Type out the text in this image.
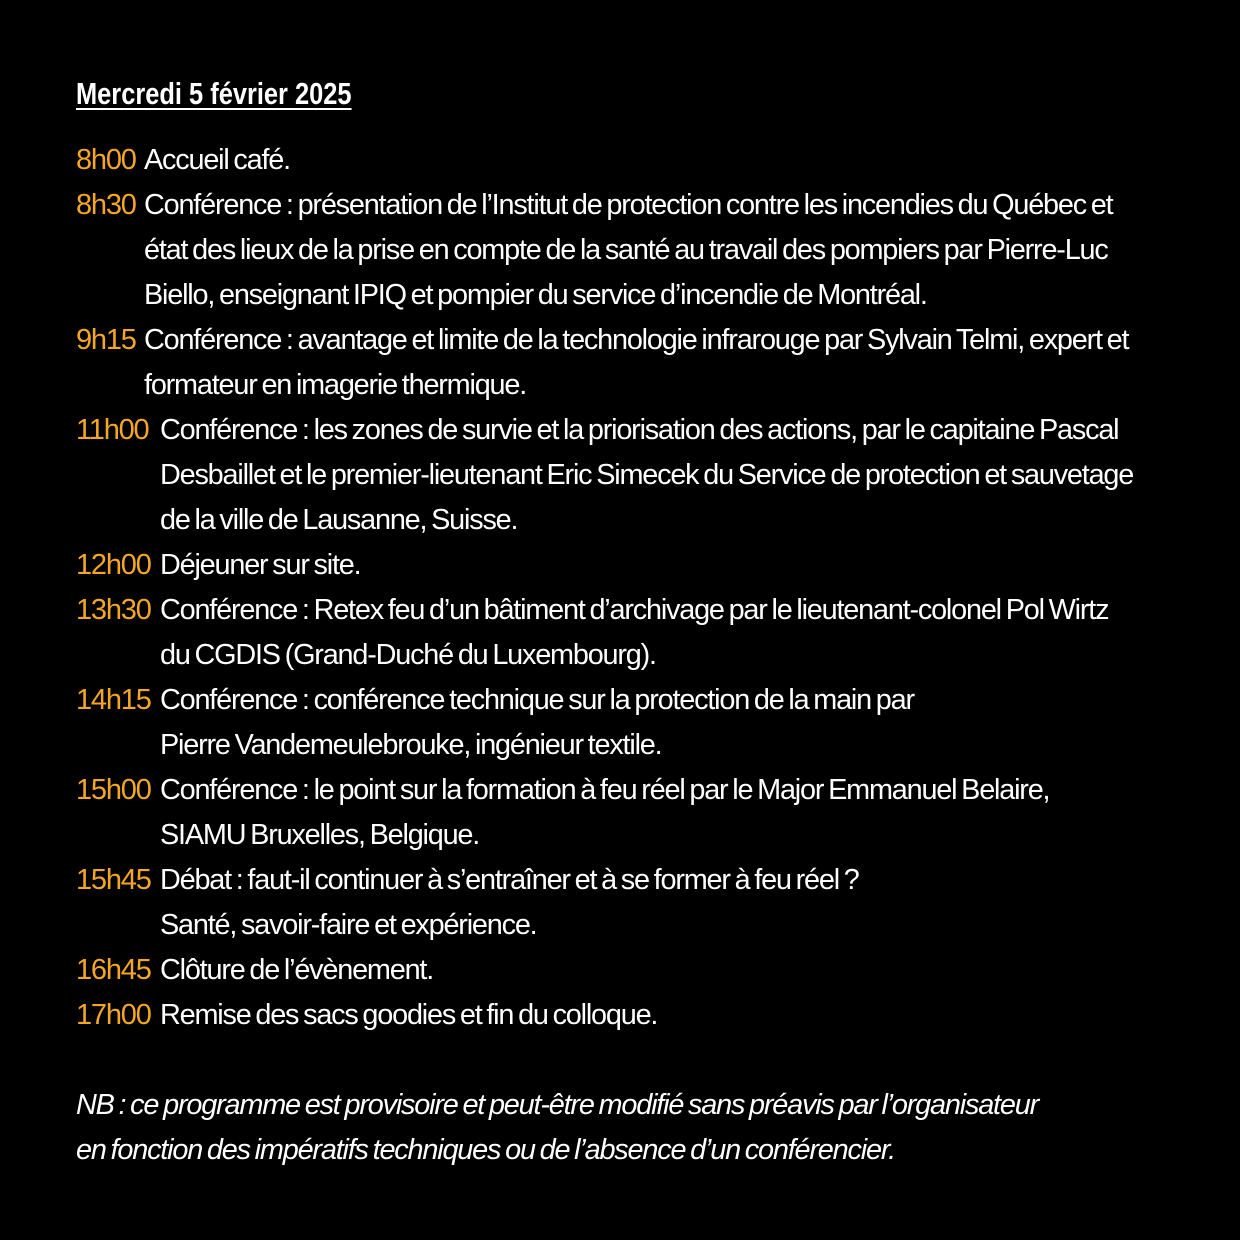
Mercredi 5 février 2025
8h00 Accueil café.
8h30 Conférence : présentation de l’Institut de protection contre les incendies du Québec et
état des lieux de la prise en compte de la santé au travail des pompiers par Pierre-Luc
Biello, enseignant IPIQ et pompier du service d’incendie de Montréal.
9h15 Conférence : avantage et limite de la technologie infrarouge par Sylvain Telmi, expert et
formateur en imagerie thermique.
11h00 Conférence : les zones de survie et la priorisation des actions, par le capitaine Pascal
Desbaillet et le premier-lieutenant Eric Simecek du Service de protection et sauvetage
de la ville de Lausanne, Suisse.
12h00 Déjeuner sur site.
13h30 Conférence : Retex feu d’un bâtiment d’archivage par le lieutenant-colonel Pol Wirtz
du CGDIS (Grand-Duché du Luxembourg).
14h15 Conférence : conférence technique sur la protection de la main par
Pierre Vandemeulebrouke, ingénieur textile.
15h00 Conférence : le point sur la formation à feu réel par le Major Emmanuel Belaire,
SIAMU Bruxelles, Belgique.
15h45 Débat : faut-il continuer à s’entraîner et à se former à feu réel ?
Santé, savoir-faire et expérience.
16h45 Clôture de l’évènement.
17h00 Remise des sacs goodies et fin du colloque.
NB : ce programme est provisoire et peut-être modifié sans préavis par l’organisateur
en fonction des impératifs techniques ou de l’absence d’un conférencier.
